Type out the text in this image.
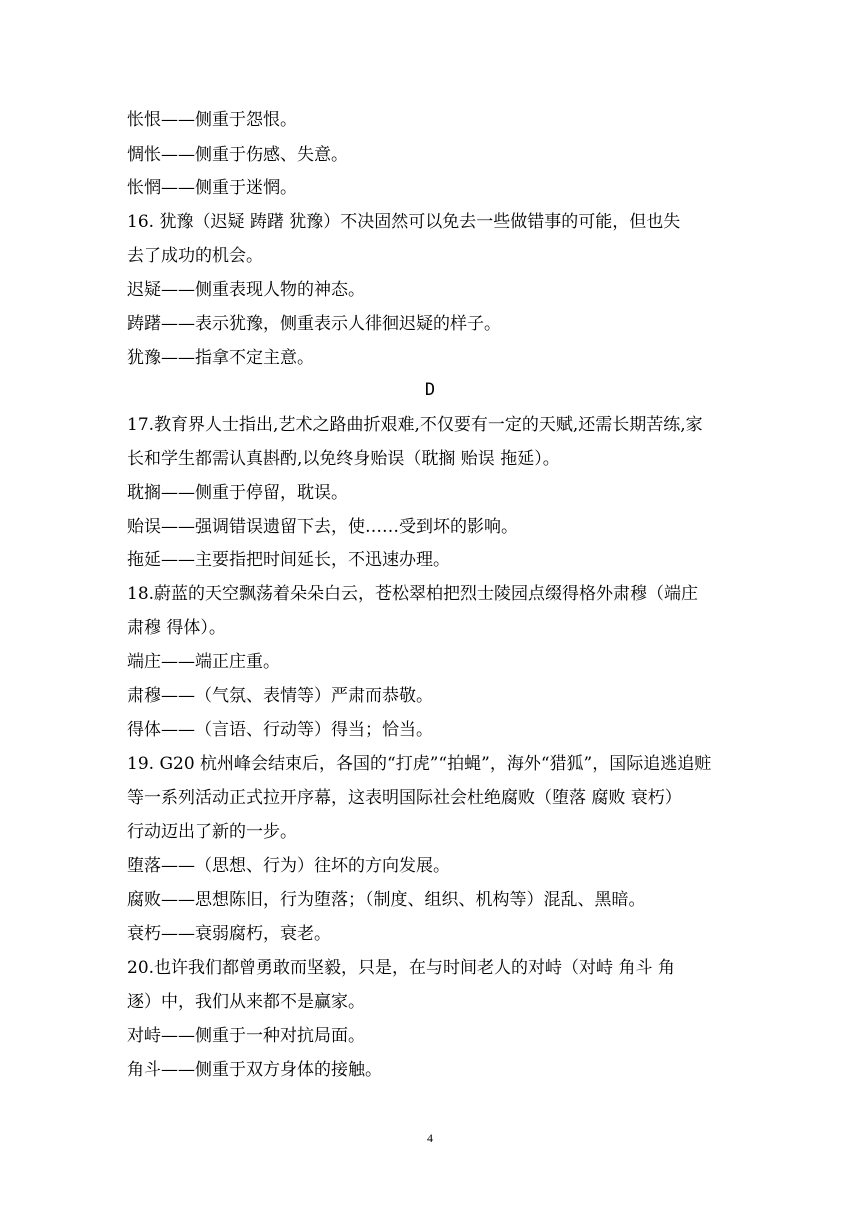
怅恨——侧重于怨恨。
惆怅——侧重于伤感、失意。
怅惘——侧重于迷惘。
16. 犹豫（迟疑 踌躇 犹豫）不决固然可以免去一些做错事的可能，但也失
去了成功的机会。
迟疑——侧重表现人物的神态。
踌躇——表示犹豫，侧重表示人徘徊迟疑的样子。
犹豫——指拿不定主意。
D
17.教育界人士指出,艺术之路曲折艰难,不仅要有一定的天赋,还需长期苦练,家
长和学生都需认真斟酌,以免终身贻误（耽搁 贻误 拖延）。
耽搁——侧重于停留，耽误。
贻误——强调错误遗留下去，使……受到坏的影响。
拖延——主要指把时间延长，不迅速办理。
18.蔚蓝的天空飘荡着朵朵白云，苍松翠柏把烈士陵园点缀得格外肃穆（端庄
肃穆 得体）。
端庄——端正庄重。
肃穆——（气氛、表情等）严肃而恭敬。
得体——（言语、行动等）得当；恰当。
19. G20 杭州峰会结束后，各国的“打虎”“拍蝇”，海外“猎狐”，国际追逃追赃
等一系列活动正式拉开序幕，这表明国际社会杜绝腐败（堕落 腐败 衰朽）
行动迈出了新的一步。
堕落——（思想、行为）往坏的方向发展。
腐败——思想陈旧，行为堕落；（制度、组织、机构等）混乱、黑暗。
衰朽——衰弱腐朽，衰老。
20.也许我们都曾勇敢而坚毅，只是，在与时间老人的对峙（对峙 角斗 角
逐）中，我们从来都不是赢家。
对峙——侧重于一种对抗局面。
角斗——侧重于双方身体的接触。
4
